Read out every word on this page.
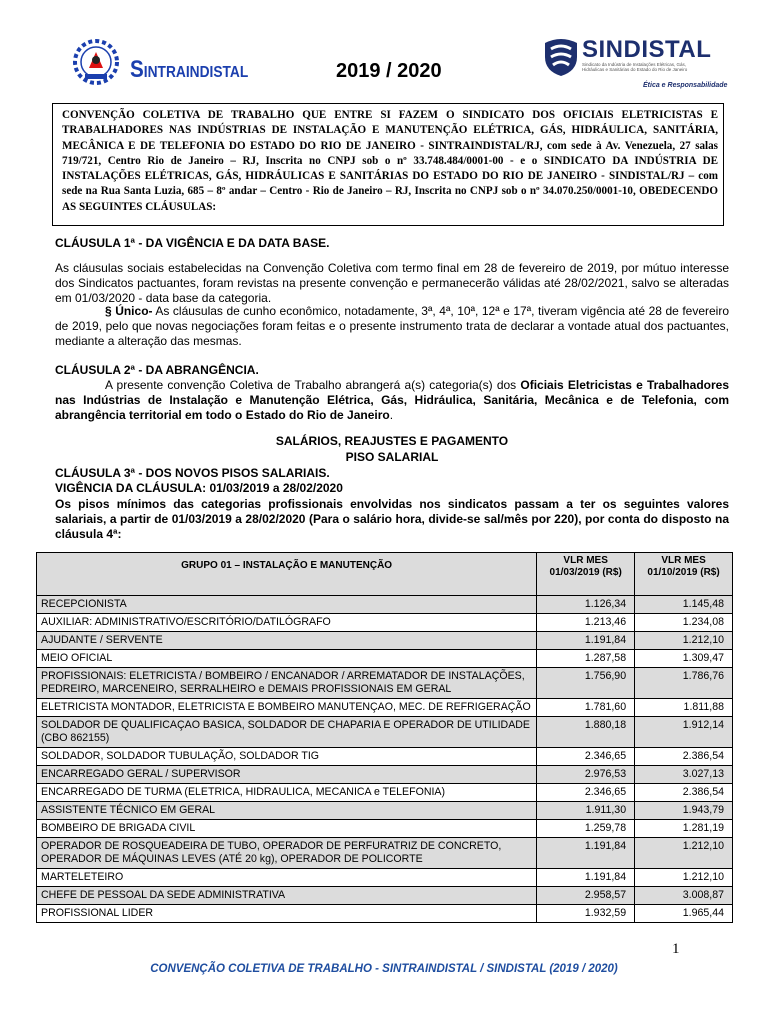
SINTRAINDISTAL	2019 / 2020
SINDISTAL
Sindicato da Indústria de Instalações Elétricas, Gás, Hidráulicas e Sanitárias do Estado do Rio de Janeiro
Ética e Responsabilidade
CONVENÇÃO COLETIVA DE TRABALHO QUE ENTRE SI FAZEM O SINDICATO DOS OFICIAIS ELETRICISTAS E TRABALHADORES NAS INDÚSTRIAS DE INSTALAÇÃO E MANUTENÇÃO ELÉTRICA, GÁS, HIDRÁULICA, SANITÁRIA, MECÂNICA E DE TELEFONIA DO ESTADO DO RIO DE JANEIRO - SINTRAINDISTAL/RJ, com sede à Av. Venezuela, 27 salas 719/721, Centro Rio de Janeiro – RJ, Inscrita no CNPJ sob o nº 33.748.484/0001-00 - e o SINDICATO DA INDÚSTRIA DE INSTALAÇÕES ELÉTRICAS, GÁS, HIDRÁULICAS E SANITÁRIAS DO ESTADO DO RIO DE JANEIRO - SINDISTAL/RJ – com sede na Rua Santa Luzia, 685 – 8º andar – Centro - Rio de Janeiro – RJ, Inscrita no CNPJ sob o nº 34.070.250/0001-10, OBEDECENDO AS SEGUINTES CLÁUSULAS:
CLÁUSULA 1ª - DA VIGÊNCIA E DA DATA BASE.
As cláusulas sociais estabelecidas na Convenção Coletiva com termo final em 28 de fevereiro de 2019, por mútuo interesse dos Sindicatos pactuantes, foram revistas na presente convenção e permanecerão válidas até 28/02/2021, salvo se alteradas em 01/03/2020 - data base da categoria.
§ Único- As cláusulas de cunho econômico, notadamente, 3ª, 4ª, 10ª, 12ª e 17ª, tiveram vigência até 28 de fevereiro de 2019, pelo que novas negociações foram feitas e o presente instrumento trata de declarar a vontade atual dos pactuantes, mediante a alteração das mesmas.
CLÁUSULA 2ª - DA ABRANGÊNCIA.
A presente convenção Coletiva de Trabalho abrangerá a(s) categoria(s) dos Oficiais Eletricistas e Trabalhadores nas Indústrias de Instalação e Manutenção Elétrica, Gás, Hidráulica, Sanitária, Mecânica e de Telefonia, com abrangência territorial em todo o Estado do Rio de Janeiro.
SALÁRIOS, REAJUSTES E PAGAMENTO
PISO SALARIAL
CLÁUSULA 3ª - DOS NOVOS PISOS SALARIAIS.
VIGÊNCIA DA CLÁUSULA: 01/03/2019 a 28/02/2020
Os pisos mínimos das categorias profissionais envolvidas nos sindicatos passam a ter os seguintes valores salariais, a partir de 01/03/2019 a 28/02/2020 (Para o salário hora, divide-se sal/mês por 220), por conta do disposto na cláusula 4ª:
GRUPO 01 – INSTALAÇÃO E MANUTENÇÃO	VLR MES 01/03/2019 (R$)	VLR MES 01/10/2019 (R$)
RECEPCIONISTA	1.126,34	1.145,48
AUXILIAR: ADMINISTRATIVO/ESCRITÓRIO/DATILÓGRAFO	1.213,46	1.234,08
AJUDANTE / SERVENTE	1.191,84	1.212,10
MEIO OFICIAL	1.287,58	1.309,47
PROFISSIONAIS: ELETRICISTA / BOMBEIRO / ENCANADOR / ARREMATADOR DE INSTALAÇÕES, PEDREIRO, MARCENEIRO, SERRALHEIRO e DEMAIS PROFISSIONAIS EM GERAL	1.756,90	1.786,76
ELETRICISTA MONTADOR, ELETRICISTA E BOMBEIRO MANUTENÇAO, MEC. DE REFRIGERAÇÃO	1.781,60	1.811,88
SOLDADOR DE QUALIFICAÇAO BASICA, SOLDADOR DE CHAPARIA E OPERADOR DE UTILIDADE (CBO 862155)	1.880,18	1.912,14
SOLDADOR, SOLDADOR TUBULAÇÃO, SOLDADOR TIG	2.346,65	2.386,54
ENCARREGADO GERAL / SUPERVISOR	2.976,53	3.027,13
ENCARREGADO DE TURMA (ELETRICA, HIDRAULICA, MECANICA e TELEFONIA)	2.346,65	2.386,54
ASSISTENTE TÉCNICO EM GERAL	1.911,30	1.943,79
BOMBEIRO DE BRIGADA CIVIL	1.259,78	1.281,19
OPERADOR DE ROSQUEADEIRA DE TUBO, OPERADOR DE PERFURATRIZ DE CONCRETO, OPERADOR DE MÁQUINAS LEVES (ATÉ 20 kg), OPERADOR DE POLICORTE	1.191,84	1.212,10
MARTELETEIRO	1.191,84	1.212,10
CHEFE DE PESSOAL DA SEDE ADMINISTRATIVA	2.958,57	3.008,87
PROFISSIONAL LIDER	1.932,59	1.965,44
1
CONVENÇÃO COLETIVA DE TRABALHO - SINTRAINDISTAL / SINDISTAL (2019 / 2020)
